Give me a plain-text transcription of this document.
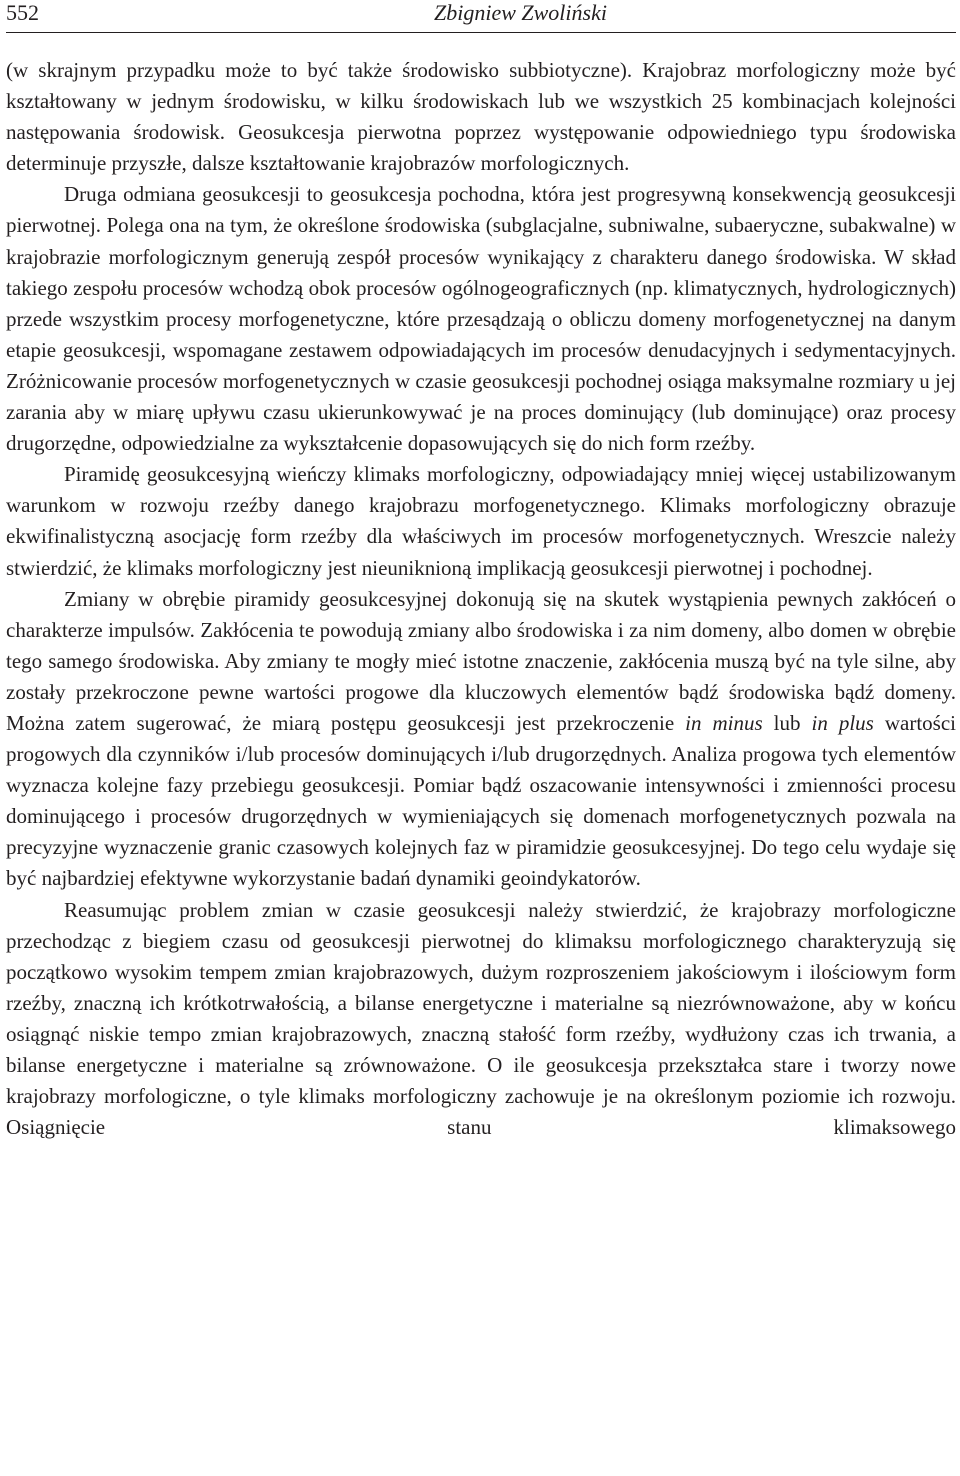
552	Zbigniew Zwoliński

(w skrajnym przypadku może to być także środowisko subbiotyczne). Krajobraz morfologiczny może być kształtowany w jednym środowisku, w kilku środowiskach lub we wszystkich 25 kombinacjach kolejności następowania środowisk. Geosukcesja pierwotna poprzez występowanie odpowiedniego typu środowiska determinuje przyszłe, dalsze kształtowanie krajobrazów morfologicznych.

Druga odmiana geosukcesji to geosukcesja pochodna, która jest progresywną konsekwencją geosukcesji pierwotnej. Polega ona na tym, że określone środowiska (subglacjalne, subniwalne, subaeryczne, subakwalne) w krajobrazie morfologicznym generują zespół procesów wynikający z charakteru danego środowiska. W skład takiego zespołu procesów wchodzą obok procesów ogólnogeograficznych (np. klimatycznych, hydrologicznych) przede wszystkim procesy morfogenetyczne, które przesądzają o obliczu domeny morfogenetycznej na danym etapie geosukcesji, wspomagane zestawem odpowiadających im procesów denudacyjnych i sedymentacyjnych. Zróżnicowanie procesów morfogenetycznych w czasie geosukcesji pochodnej osiąga maksymalne rozmiary u jej zarania aby w miarę upływu czasu ukierunkowywać je na proces dominujący (lub dominujące) oraz procesy drugorzędne, odpowiedzialne za wykształcenie dopasowujących się do nich form rzeźby.

Piramidę geosukcesyjną wieńczy klimaks morfologiczny, odpowiadający mniej więcej ustabilizowanym warunkom w rozwoju rzeźby danego krajobrazu morfogenetycznego. Klimaks morfologiczny obrazuje ekwifinalistyczną asocjację form rzeźby dla właściwych im procesów morfogenetycznych. Wreszcie należy stwierdzić, że klimaks morfologiczny jest nieuniknioną implikacją geosukcesji pierwotnej i pochodnej.

Zmiany w obrębie piramidy geosukcesyjnej dokonują się na skutek wystąpienia pewnych zakłóceń o charakterze impulsów. Zakłócenia te powodują zmiany albo środowiska i za nim domeny, albo domen w obrębie tego samego środowiska. Aby zmiany te mogły mieć istotne znaczenie, zakłócenia muszą być na tyle silne, aby zostały przekroczone pewne wartości progowe dla kluczowych elementów bądź środowiska bądź domeny. Można zatem sugerować, że miarą postępu geosukcesji jest przekroczenie in minus lub in plus wartości progowych dla czynników i/lub procesów dominujących i/lub drugorzędnych. Analiza progowa tych elementów wyznacza kolejne fazy przebiegu geosukcesji. Pomiar bądź oszacowanie intensywności i zmienności procesu dominującego i procesów drugorzędnych w wymieniających się domenach morfogenetycznych pozwala na precyzyjne wyznaczenie granic czasowych kolejnych faz w piramidzie geosukcesyjnej. Do tego celu wydaje się być najbardziej efektywne wykorzystanie badań dynamiki geoindykatorów.

Reasumując problem zmian w czasie geosukcesji należy stwierdzić, że krajobrazy morfologiczne przechodząc z biegiem czasu od geosukcesji pierwotnej do klimaksu morfologicznego charakteryzują się początkowo wysokim tempem zmian krajobrazowych, dużym rozproszeniem jakościowym i ilościowym form rzeźby, znaczną ich krótkotrwałością, a bilanse energetyczne i materialne są niezrównoważone, aby w końcu osiągnąć niskie tempo zmian krajobrazowych, znaczną stałość form rzeźby, wydłużony czas ich trwania, a bilanse energetyczne i materialne są zrównoważone. O ile geosukcesja przekształca stare i tworzy nowe krajobrazy morfologiczne, o tyle klimaks morfologiczny zachowuje je na określonym poziomie ich rozwoju. Osiągnięcie stanu klimaksowego
